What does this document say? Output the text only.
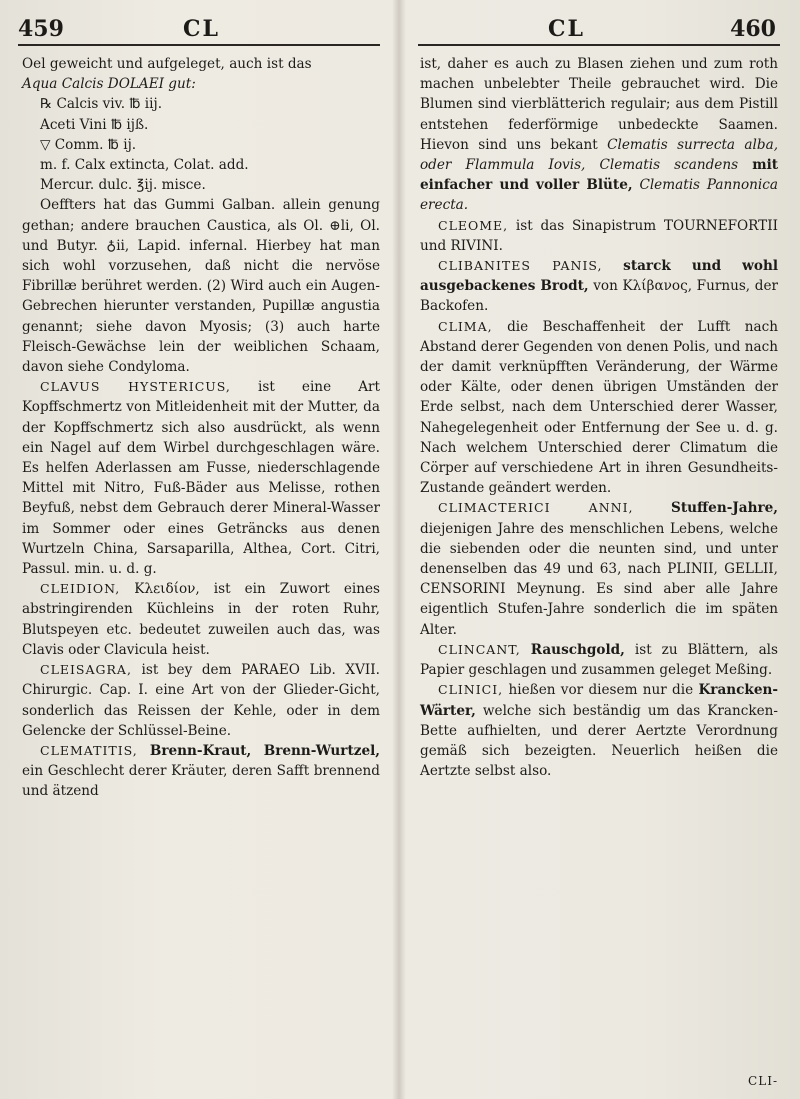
459	CL	CL	460

Oel geweicht und aufgeleget, auch ist das

Aqua Calcis DOLAEI gut:

℞ Calcis viv. ℔ iij.

Aceti Vini ℔ ijß.

▽ Comm. ℔ ij.

m. f. Calx extincta, Colat. add.

Mercur. dulc. ℥ij. misce.

Oeffters hat das Gummi Galban. allein genung gethan; andere brauchen Caustica, als Ol. ⊕li, Ol. und Butyr. ♁ii, Lapid. infernal. Hierbey hat man sich wohl vorzusehen, daß nicht die nervöse Fibrillæ berühret werden. (2) Wird auch ein Augen-Gebrechen hierunter verstanden, Pupillæ angustia genannt; siehe davon Myosis; (3) auch harte Fleisch-Gewächse lein der weiblichen Schaam, davon siehe Condyloma.

CLAVUS HYSTERICUS, ist eine Art Kopffschmertz von Mitleidenheit mit der Mutter, da der Kopffschmertz sich also ausdrückt, als wenn ein Nagel auf dem Wirbel durchgeschlagen wäre. Es helfen Aderlassen am Fusse, niederschlagende Mittel mit Nitro, Fuß-Bäder aus Melisse, rothen Beyfuß, nebst dem Gebrauch derer Mineral-Wasser im Sommer oder eines Geträncks aus denen Wurtzeln China, Sarsaparilla, Althea, Cort. Citri, Passul. min. u. d. g.

CLEIDION, Κλειδίον, ist ein Zuwort eines abstringirenden Küchleins in der roten Ruhr, Blutspeyen etc. bedeutet zuweilen auch das, was Clavis oder Clavicula heist.

CLEISAGRA, ist bey dem PARAEO Lib. XVII. Chirurgic. Cap. I. eine Art von der Glieder-Gicht, sonderlich das Reissen der Kehle, oder in dem Gelencke der Schlüssel-Beine.

CLEMATITIS, Brenn-Kraut, Brenn-Wurtzel, ein Geschlecht derer Kräuter, deren Safft brennend und ätzend

ist, daher es auch zu Blasen ziehen und zum roth machen unbelebter Theile gebrauchet wird. Die Blumen sind vierblätterich regulair; aus dem Pistill entstehen federförmige unbedeckte Saamen. Hievon sind uns bekant Clematis surrecta alba, oder Flammula Iovis, Clematis scandens mit einfacher und voller Blüte, Clematis Pannonica erecta.

CLEOME, ist das Sinapistrum TOURNEFORTII und RIVINI.

CLIBANITES PANIS, starck und wohl ausgebackenes Brodt, von Κλίβανος, Furnus, der Backofen.

CLIMA, die Beschaffenheit der Lufft nach Abstand derer Gegenden von denen Polis, und nach der damit verknüpfften Veränderung, der Wärme oder Kälte, oder denen übrigen Umständen der Erde selbst, nach dem Unterschied derer Wasser, Nahegelegenheit oder Entfernung der See u. d. g. Nach welchem Unterschied derer Climatum die Cörper auf verschiedene Art in ihren Gesundheits-Zustande geändert werden.

CLIMACTERICI ANNI,	Stuffen-Jahre, diejenigen Jahre des menschlichen Lebens, welche die siebenden oder die neunten sind, und unter denenselben das 49 und 63, nach PLINII, GELLII, CENSORINI Meynung. Es sind aber alle Jahre eigentlich Stufen-Jahre sonderlich die im späten Alter.

CLINCANT, Rauschgold, ist zu Blättern, als Papier geschlagen und zusammen geleget Meßing.

CLINICI, hießen vor diesem nur die Krancken-Wärter, welche sich beständig um das Krancken-Bette aufhielten, und derer Aertzte Verordnung gemäß sich bezeigten. Neuerlich heißen die Aertzte selbst also.

CLI-
